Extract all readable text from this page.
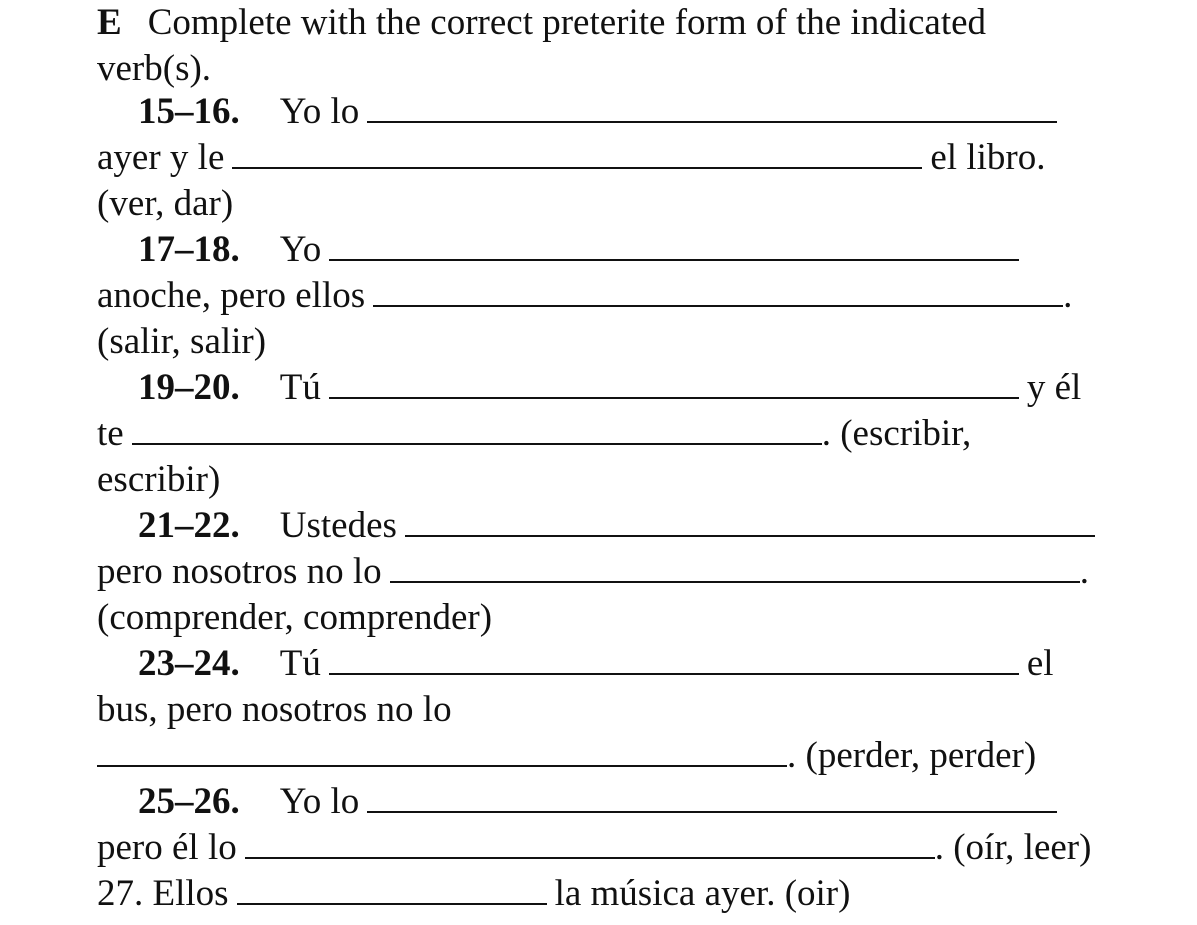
E Complete with the correct preterite form of the indicated
verb(s).
15–16. Yo lo
ayer y le	el libro.
(ver, dar)
17–18. Yo
anoche, pero ellos	.
(salir, salir)
19–20. Tú	y él
te	. (escribir,
escribir)
21–22. Ustedes
pero nosotros no lo	.
(comprender, comprender)
23–24. Tú	el
bus, pero nosotros no lo
. (perder, perder)
25–26. Yo lo
pero él lo	. (oír, leer)
27. Ellos	la música ayer. (oir)
